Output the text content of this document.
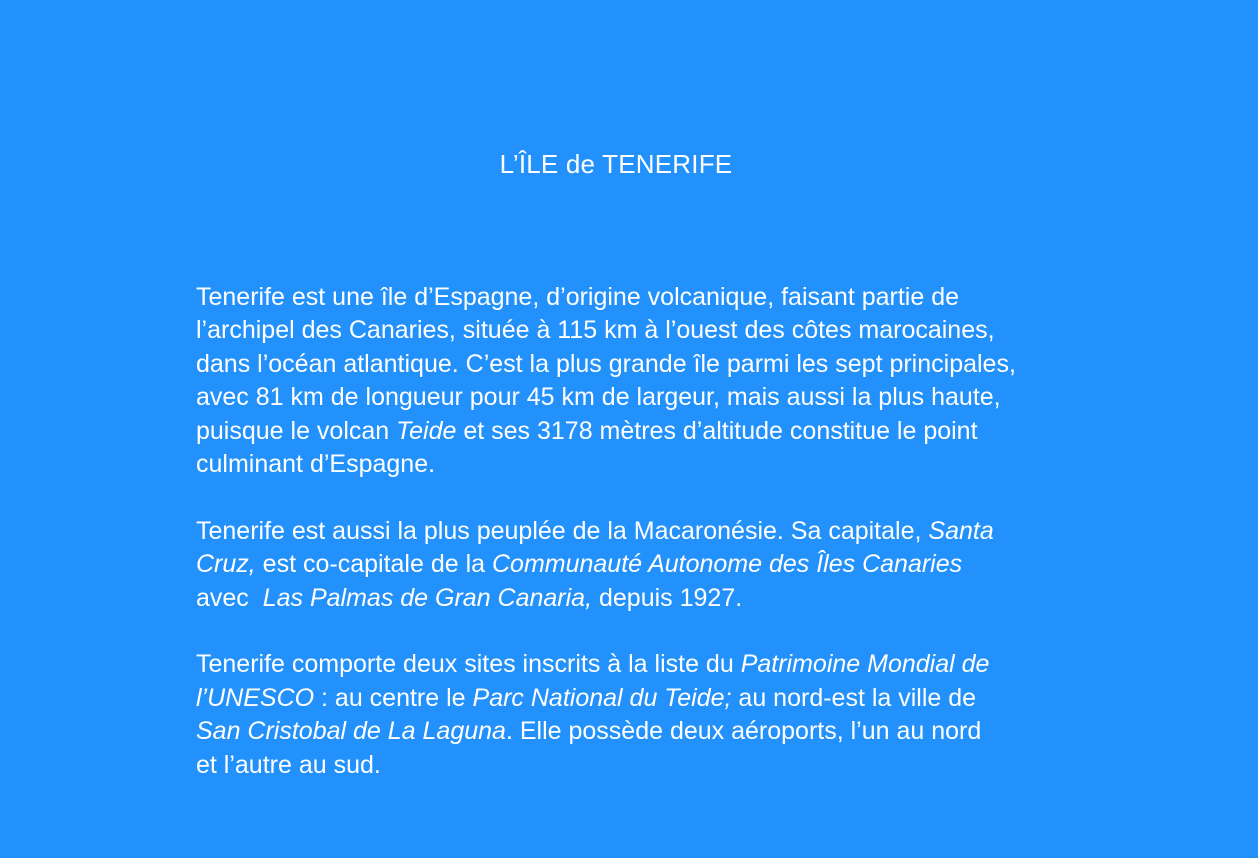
L’ÎLE de TENERIFE

Tenerife est une île d’Espagne, d’origine volcanique, faisant partie de
l’archipel des Canaries, située à 115 km à l’ouest des côtes marocaines,
dans l’océan atlantique. C’est la plus grande île parmi les sept principales,
avec 81 km de longueur pour 45 km de largeur, mais aussi la plus haute,
puisque le volcan Teide et ses 3178 mètres d’altitude constitue le point
culminant d’Espagne.

Tenerife est aussi la plus peuplée de la Macaronésie. Sa capitale, Santa
Cruz, est co-capitale de la Communauté Autonome des Îles Canaries
avec  Las Palmas de Gran Canaria, depuis 1927.

Tenerife comporte deux sites inscrits à la liste du Patrimoine Mondial de
l’UNESCO : au centre le Parc National du Teide; au nord-est la ville de
San Cristobal de La Laguna. Elle possède deux aéroports, l’un au nord
et l’autre au sud.
